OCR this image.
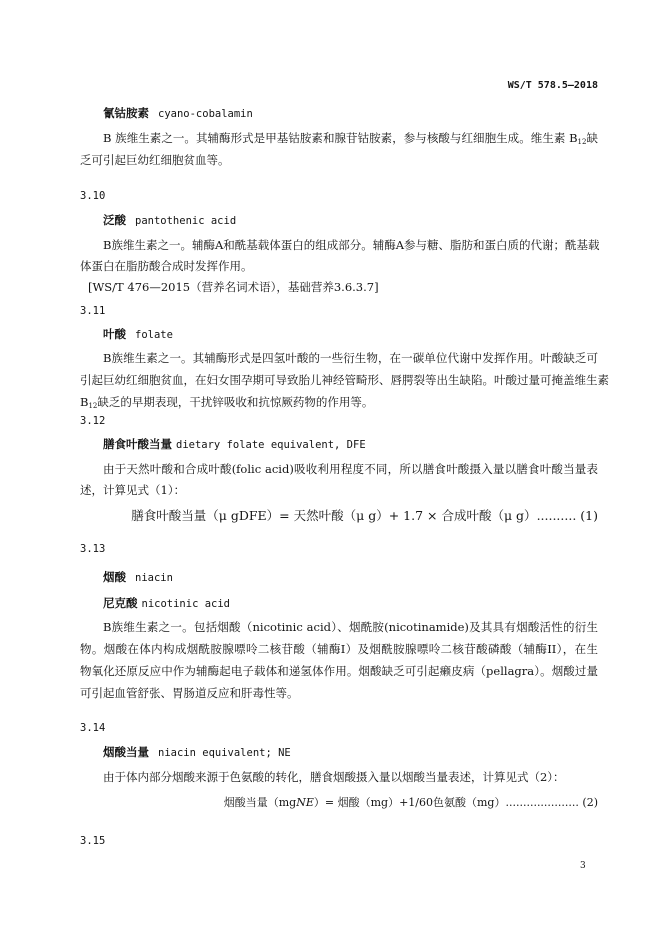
WS/T 578.5—2018
氰钴胺素 cyano-cobalamin
B 族维生素之一。其辅酶形式是甲基钴胺素和腺苷钴胺素，参与核酸与红细胞生成。维生素 $B_{12}$缺
乏可引起巨幼红细胞贫血等。
3.10
泛酸 pantothenic acid
B族维生素之一。辅酶A和酰基载体蛋白的组成部分。辅酶A参与糖、脂肪和蛋白质的代谢；酰基载
体蛋白在脂肪酸合成时发挥作用。
[WS/T 476—2015（营养名词术语），基础营养3.6.3.7]
3.11
叶酸 folate
B族维生素之一。其辅酶形式是四氢叶酸的一些衍生物，在一碳单位代谢中发挥作用。叶酸缺乏可
引起巨幼红细胞贫血，在妇女围孕期可导致胎儿神经管畸形、唇腭裂等出生缺陷。叶酸过量可掩盖维生素
$B_{12}$缺乏的早期表现，干扰锌吸收和抗惊厥药物的作用等。
3.12
膳食叶酸当量 dietary folate equivalent, DFE
由于天然叶酸和合成叶酸(folic acid)吸收利用程度不同，所以膳食叶酸摄入量以膳食叶酸当量表
述，计算见式（1）：
膳食叶酸当量（μ gDFE）= 天然叶酸（μ g）+ 1.7 × 合成叶酸（μ g）.......... (1)
3.13
烟酸 niacin
尼克酸 nicotinic acid
B族维生素之一。包括烟酸（nicotinic acid）、烟酰胺(nicotinamide)及其具有烟酸活性的衍生
物。烟酸在体内构成烟酰胺腺嘌呤二核苷酸（辅酶I）及烟酰胺腺嘌呤二核苷酸磷酸（辅酶II），在生
物氧化还原反应中作为辅酶起电子载体和递氢体作用。烟酸缺乏可引起癞皮病（pellagra）。烟酸过量
可引起血管舒张、胃肠道反应和肝毒性等。
3.14
烟酸当量 niacin equivalent; NE
由于体内部分烟酸来源于色氨酸的转化，膳食烟酸摄入量以烟酸当量表述，计算见式（2）：
烟酸当量（mgNE）= 烟酸（mg）+1/60色氨酸（mg）..................... (2)
3.15
3
